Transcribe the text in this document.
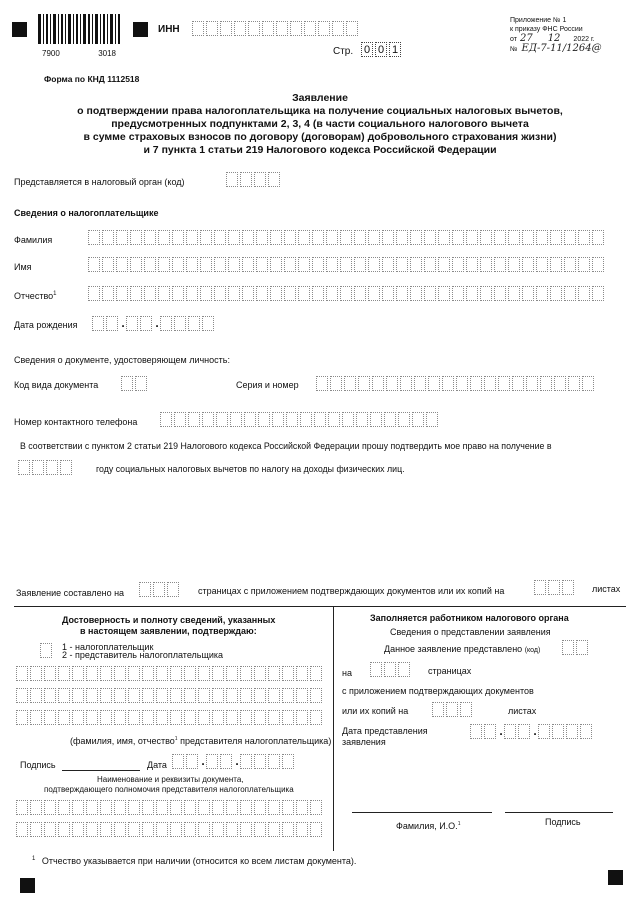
7900	3018
ИНН
Стр. 0 0 1
Приложение № 1
к приказу ФНС России
от 27 12 2022 г.
№ ЕД-7-11/1264@
Форма по КНД 1112518
Заявление
о подтверждении права налогоплательщика на получение социальных налоговых вычетов,
предусмотренных подпунктами 2, 3, 4 (в части социального налогового вычета
в сумме страховых взносов по договору (договорам) добровольного страхования жизни)
и 7 пункта 1 статьи 219 Налогового кодекса Российской Федерации
Представляется в налоговый орган (код)
Сведения о налогоплательщике
Фамилия
Имя
Отчество$^1$
Дата рождения	.	.
Сведения о документе, удостоверяющем личность:
Код вида документа	Серия и номер
Номер контактного телефона
В соответствии с пунктом 2 статьи 219 Налогового кодекса Российской Федерации прошу подтвердить мое право на получение в
году социальных налоговых вычетов по налогу на доходы физических лиц.
Заявление составлено на	страницах с приложением подтверждающих документов или их копий на	листах
Достоверность и полноту сведений, указанных
в настоящем заявлении, подтверждаю:
1 - налогоплательщик
2 - представитель налогоплательщика
(фамилия, имя, отчество$^1$ представителя налогоплательщика)
Подпись	Дата	.	.
Наименование и реквизиты документа,
подтверждающего полномочия представителя налогоплательщика
Заполняется работником налогового органа
Сведения о представлении заявления
Данное заявление представлено (код)
на	страницах
с приложением подтверждающих документов
или их копий на	листах
Дата представления
заявления
.	.
Фамилия, И.О.$^1$	Подпись
$^1$ Отчество указывается при наличии (относится ко всем листам документа).
